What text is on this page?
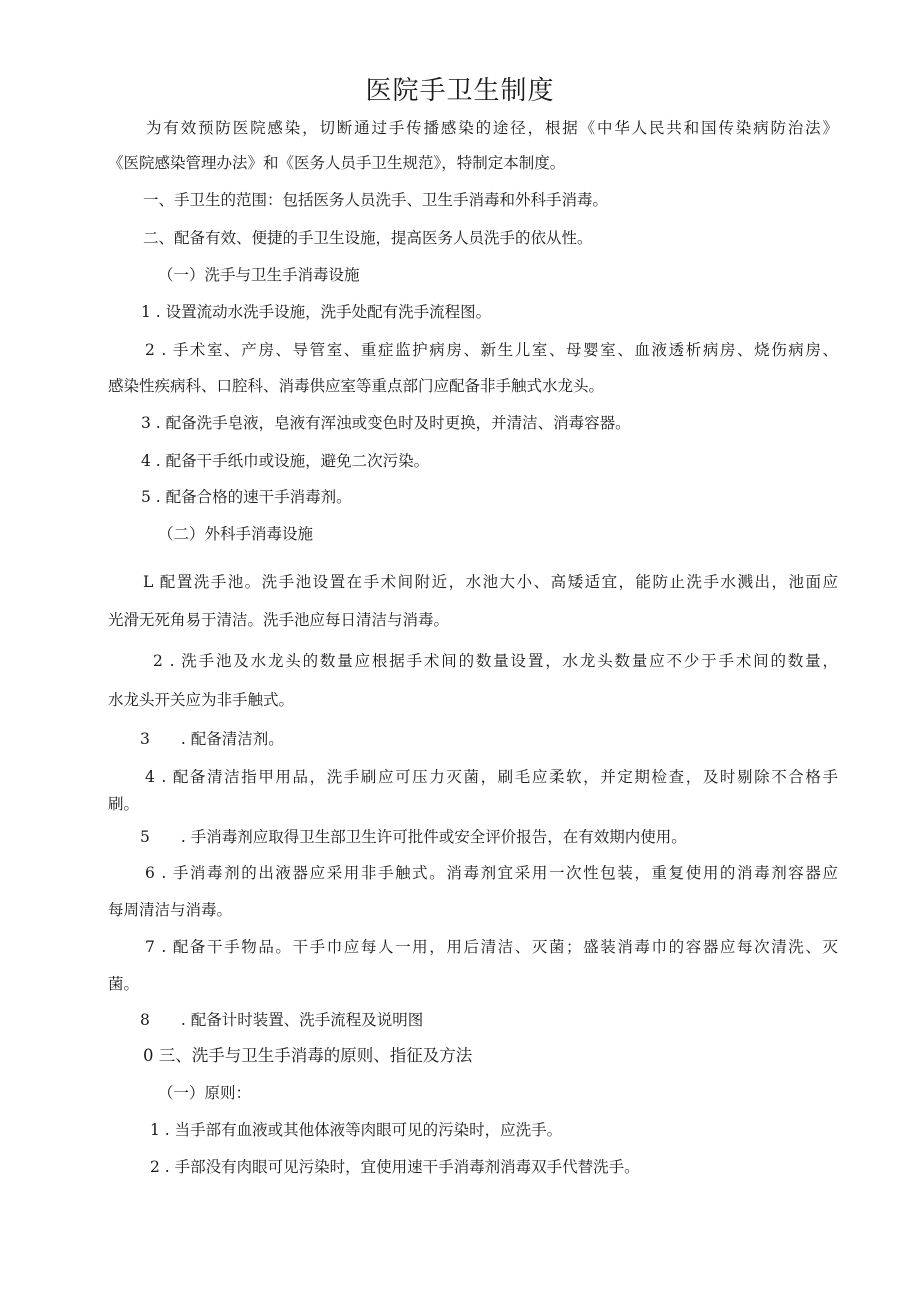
医院手卫生制度
为有效预防医院感染，切断通过手传播感染的途径，根据《中华人民共和国传染病防治法》
《医院感染管理办法》和《医务人员手卫生规范》，特制定本制度。
一、手卫生的范围：包括医务人员洗手、卫生手消毒和外科手消毒。
二、配备有效、便捷的手卫生设施，提高医务人员洗手的依从性。
（一）洗手与卫生手消毒设施
1 . 设置流动水洗手设施，洗手处配有洗手流程图。
2 . 手术室、产房、导管室、重症监护病房、新生儿室、母婴室、血液透析病房、烧伤病房、
感染性疾病科、口腔科、消毒供应室等重点部门应配备非手触式水龙头。
3 . 配备洗手皂液，皂液有浑浊或变色时及时更换，并清洁、消毒容器。
4 . 配备干手纸巾或设施，避免二次污染。
5 . 配备合格的速干手消毒剂。
（二）外科手消毒设施
L 配置洗手池。洗手池设置在手术间附近，水池大小、高矮适宜，能防止洗手水溅出，池面应
光滑无死角易于清洁。洗手池应每日清洁与消毒。
2 . 洗手池及水龙头的数量应根据手术间的数量设置，水龙头数量应不少于手术间的数量，
水龙头开关应为非手触式。
3　　. 配备清洁剂。
4 . 配备清洁指甲用品，洗手刷应可压力灭菌，刷毛应柔软，并定期检查，及时剔除不合格手
刷。
5　　. 手消毒剂应取得卫生部卫生许可批件或安全评价报告，在有效期内使用。
6 . 手消毒剂的出液器应采用非手触式。消毒剂宜采用一次性包装，重复使用的消毒剂容器应
每周清洁与消毒。
7 . 配备干手物品。干手巾应每人一用，用后清洁、灭菌；盛装消毒巾的容器应每次清洗、灭
菌。
8　　. 配备计时装置、洗手流程及说明图
0 三、洗手与卫生手消毒的原则、指征及方法
（一）原则：
1 . 当手部有血液或其他体液等肉眼可见的污染时，应洗手。
2 . 手部没有肉眼可见污染时，宜使用速干手消毒剂消毒双手代替洗手。
